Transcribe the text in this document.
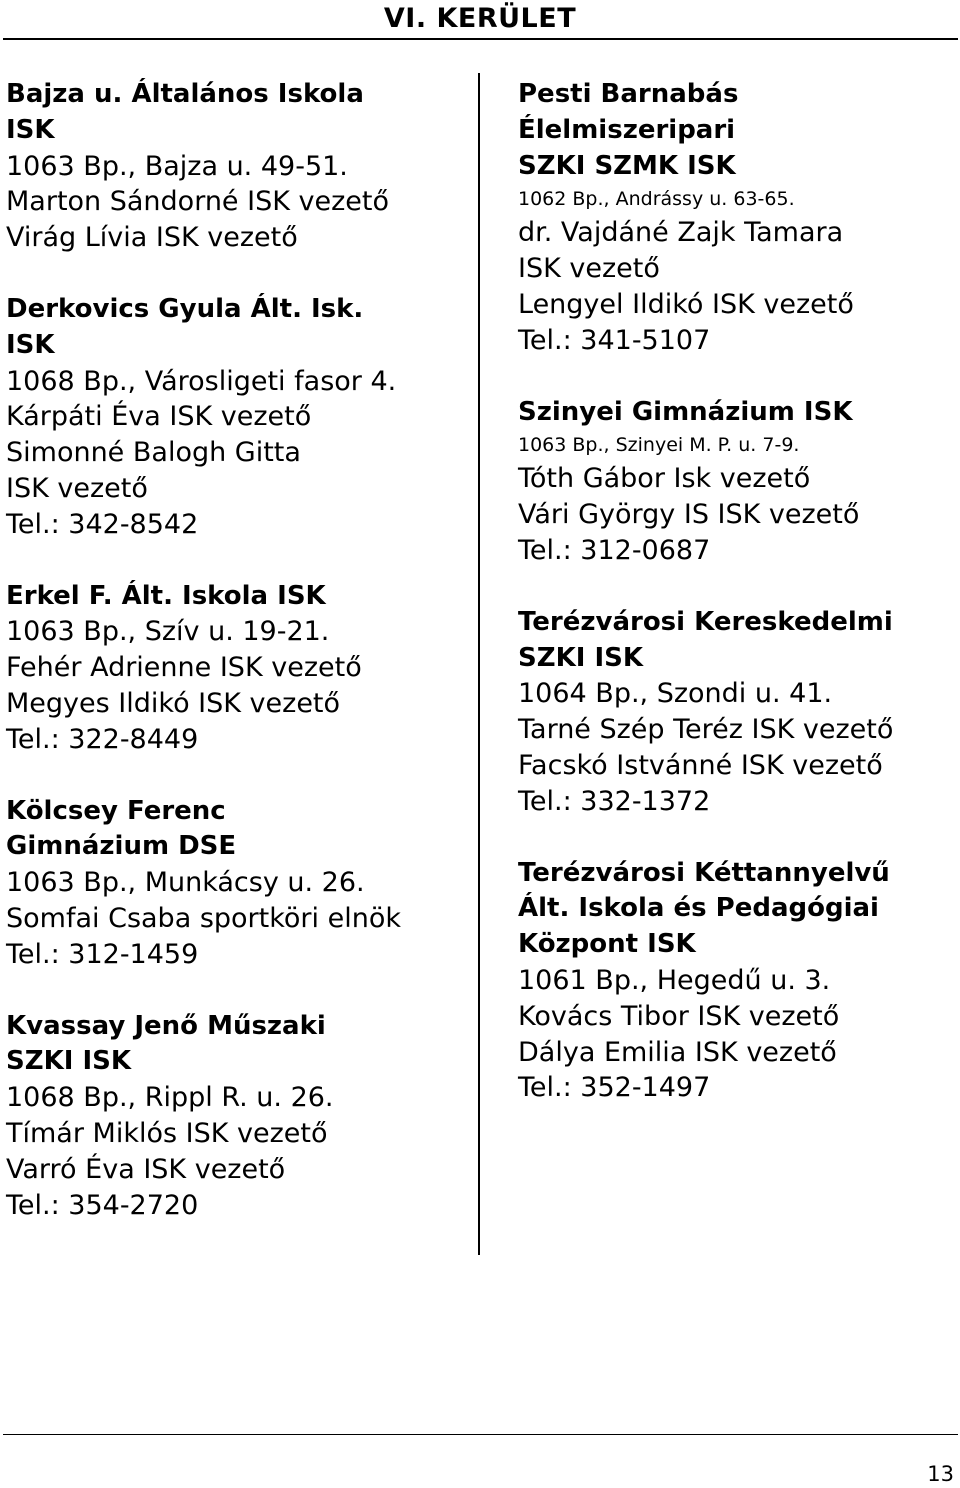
VI. KERÜLET
Bajza u. Általános Iskola
ISK
1063 Bp., Bajza u. 49-51.
Marton Sándorné ISK vezető
Virág Lívia ISK vezető
Derkovics Gyula Ált. Isk.
ISK
1068 Bp., Városligeti fasor 4.
Kárpáti Éva ISK vezető
Simonné Balogh Gitta
ISK vezető
Tel.: 342-8542
Erkel F. Ált. Iskola ISK
1063 Bp., Szív u. 19-21.
Fehér Adrienne ISK vezető
Megyes Ildikó ISK vezető
Tel.: 322-8449
Kölcsey Ferenc
Gimnázium DSE
1063 Bp., Munkácsy u. 26.
Somfai Csaba sportköri elnök
Tel.: 312-1459
Kvassay Jenő Műszaki
SZKI ISK
1068 Bp., Rippl R. u. 26.
Tímár Miklós ISK vezető
Varró Éva ISK vezető
Tel.: 354-2720
Pesti Barnabás
Élelmiszeripari
SZKI SZMK ISK
1062 Bp., Andrássy u. 63-65.
dr. Vajdáné Zajk Tamara
ISK vezető
Lengyel Ildikó ISK vezető
Tel.: 341-5107
Szinyei Gimnázium ISK
1063 Bp., Szinyei M. P. u. 7-9.
Tóth Gábor Isk vezető
Vári György IS ISK vezető
Tel.: 312-0687
Terézvárosi Kereskedelmi
SZKI ISK
1064 Bp., Szondi u. 41.
Tarné Szép Teréz ISK vezető
Facskó Istvánné ISK vezető
Tel.: 332-1372
Terézvárosi Kéttannyelvű
Ált. Iskola és Pedagógiai
Központ ISK
1061 Bp., Hegedű u. 3.
Kovács Tibor ISK vezető
Dálya Emilia ISK vezető
Tel.: 352-1497
13
